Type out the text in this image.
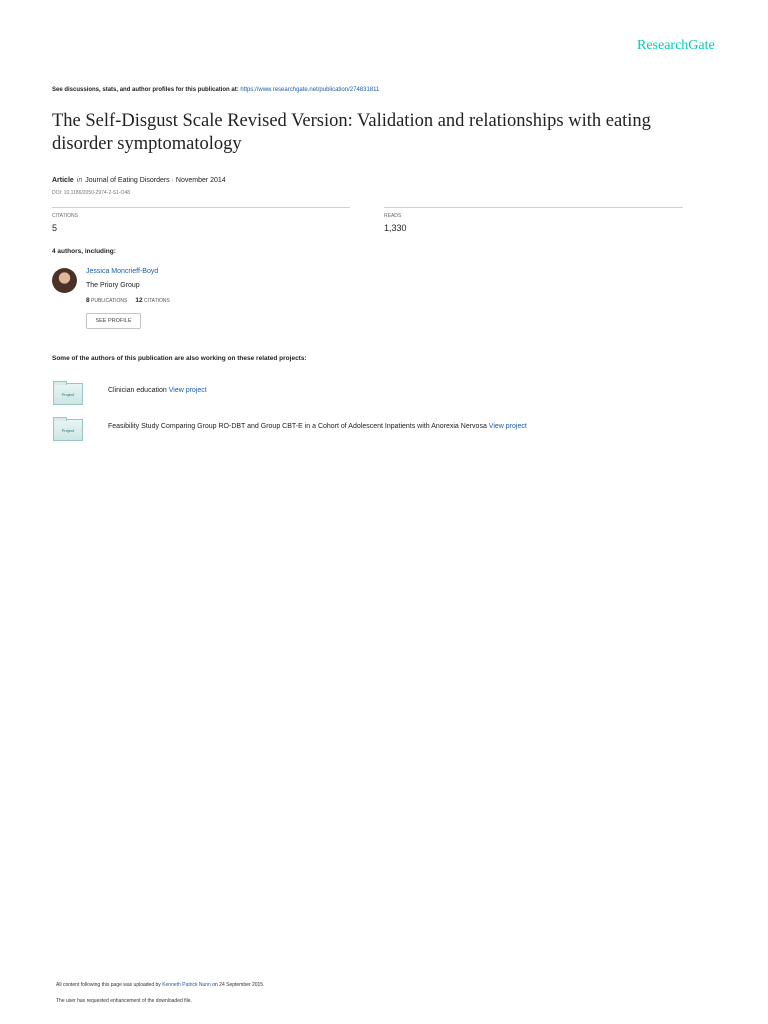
ResearchGate
See discussions, stats, and author profiles for this publication at: https://www.researchgate.net/publication/274831811
The Self-Disgust Scale Revised Version: Validation and relationships with eating disorder symptomatology
Article in Journal of Eating Disorders · November 2014
DOI: 10.1186/2050-2974-2-S1-O48
CITATIONS
5
READS
1,330
4 authors, including:
Jessica Moncrieff-Boyd
The Priory Group
8 PUBLICATIONS 12 CITATIONS
SEE PROFILE
Some of the authors of this publication are also working on these related projects:
Project
Clinician education View project
Project
Feasibility Study Comparing Group RO-DBT and Group CBT-E in a Cohort of Adolescent Inpatients with Anorexia Nervosa View project
All content following this page was uploaded by Kenneth Patrick Nunn on 24 September 2015.
The user has requested enhancement of the downloaded file.
